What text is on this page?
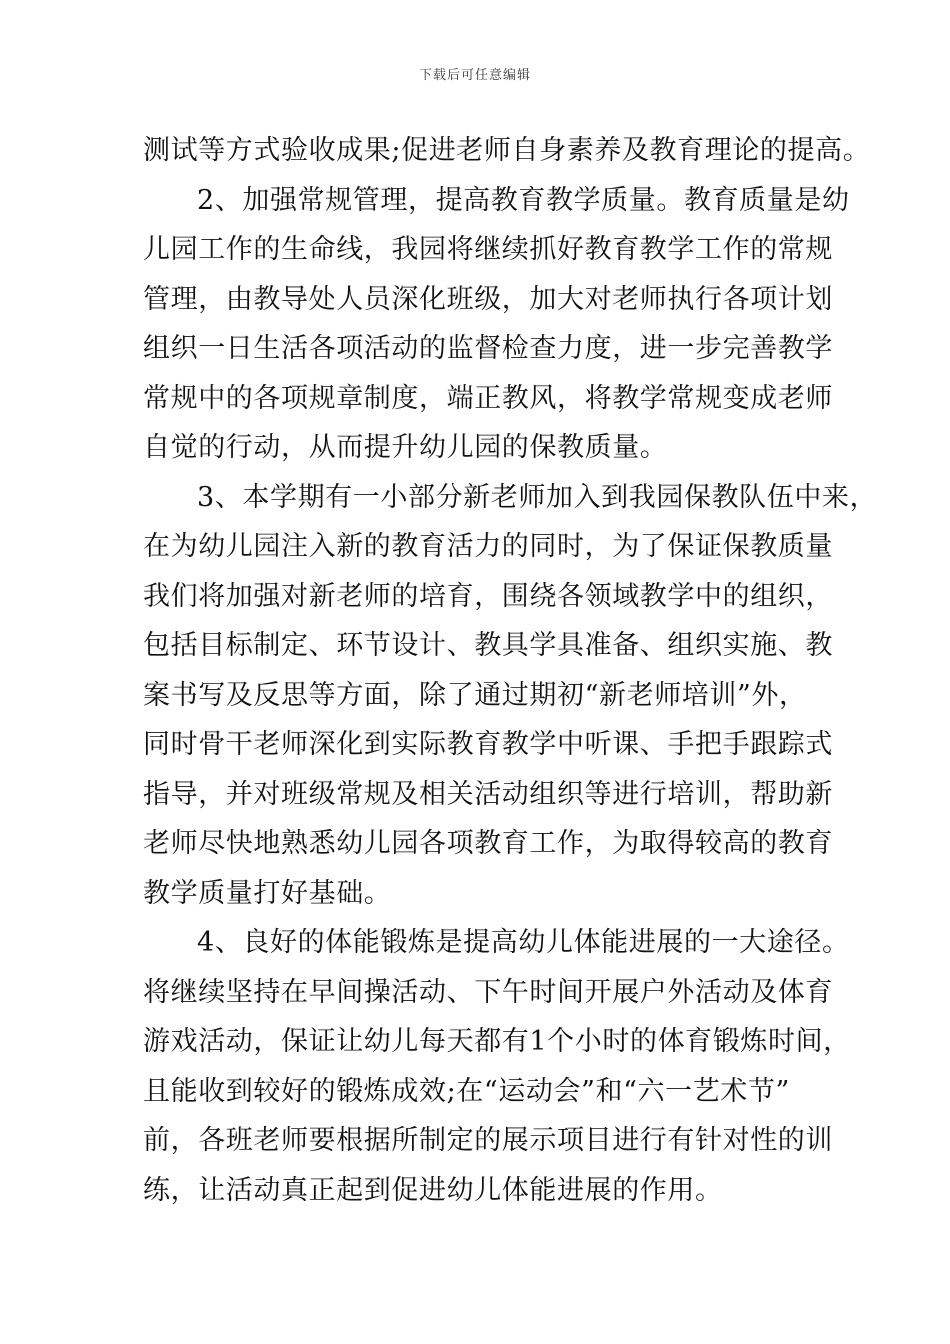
下载后可任意编辑
测试等方式验收成果;促进老师自身素养及教育理论的提高。
2、加强常规管理，提高教育教学质量。教育质量是幼
儿园工作的生命线，我园将继续抓好教育教学工作的常规
管理，由教导处人员深化班级，加大对老师执行各项计划
组织一日生活各项活动的监督检查力度，进一步完善教学
常规中的各项规章制度，端正教风，将教学常规变成老师
自觉的行动，从而提升幼儿园的保教质量。
3、本学期有一小部分新老师加入到我园保教队伍中来，
在为幼儿园注入新的教育活力的同时，为了保证保教质量
我们将加强对新老师的培育，围绕各领域教学中的组织，
包括目标制定、环节设计、教具学具准备、组织实施、教
案书写及反思等方面，除了通过期初“新老师培训”外，
同时骨干老师深化到实际教育教学中听课、手把手跟踪式
指导，并对班级常规及相关活动组织等进行培训，帮助新
老师尽快地熟悉幼儿园各项教育工作，为取得较高的教育
教学质量打好基础。
4、良好的体能锻炼是提高幼儿体能进展的一大途径。
将继续坚持在早间操活动、下午时间开展户外活动及体育
游戏活动，保证让幼儿每天都有1个小时的体育锻炼时间，
且能收到较好的锻炼成效;在“运动会”和“六一艺术节”
前，各班老师要根据所制定的展示项目进行有针对性的训
练，让活动真正起到促进幼儿体能进展的作用。
